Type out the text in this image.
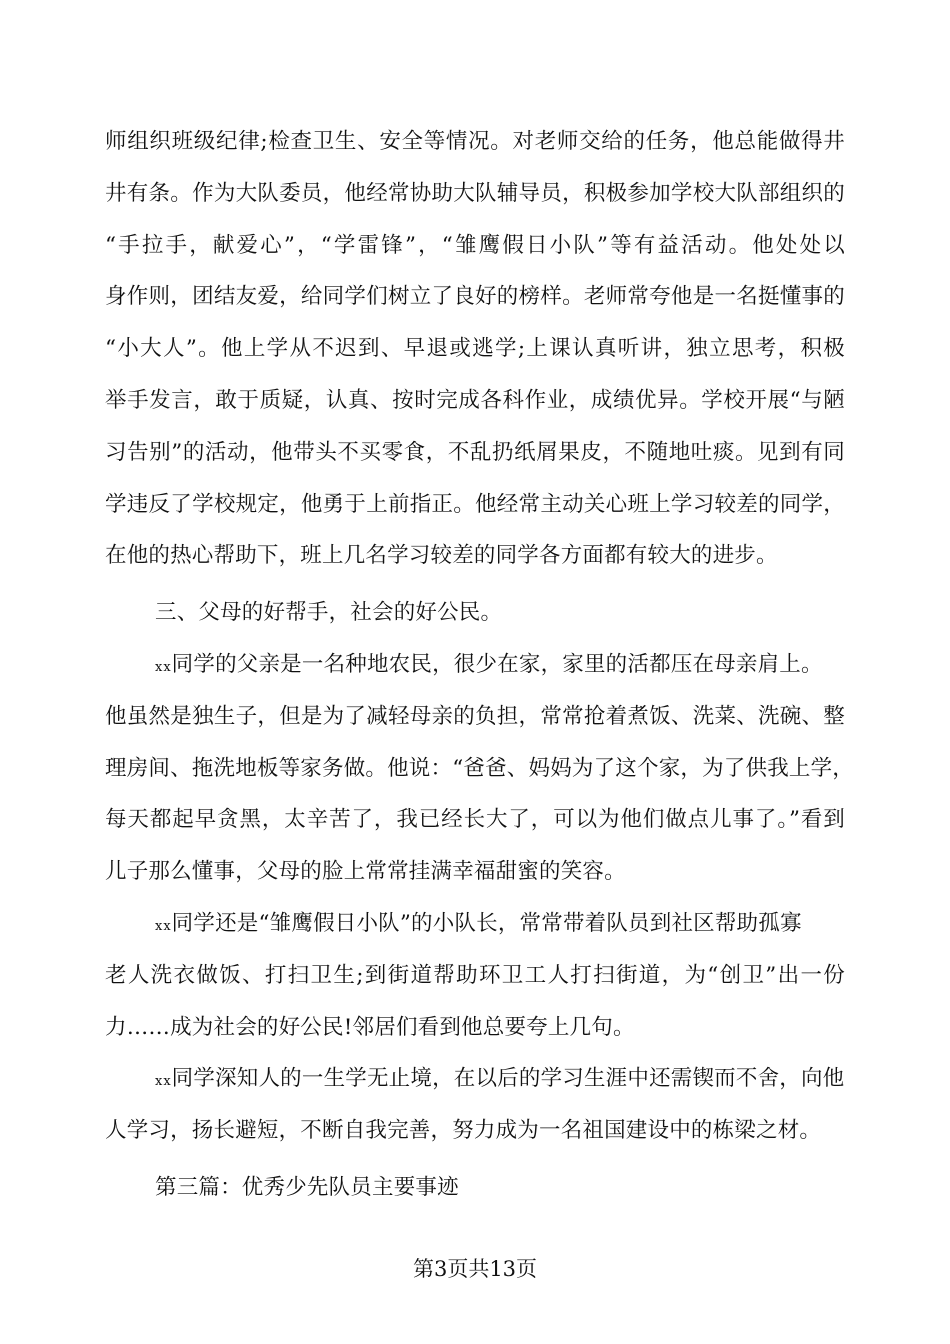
师组织班级纪律;检查卫生、安全等情况。对老师交给的任务，他总能做得井
井有条。作为大队委员，他经常协助大队辅导员，积极参加学校大队部组织的
“手拉手，献爱心”，“学雷锋”，“雏鹰假日小队”等有益活动。他处处以
身作则，团结友爱，给同学们树立了良好的榜样。老师常夸他是一名挺懂事的
“小大人”。他上学从不迟到、早退或逃学;上课认真听讲，独立思考，积极
举手发言，敢于质疑，认真、按时完成各科作业，成绩优异。学校开展“与陋
习告别”的活动，他带头不买零食，不乱扔纸屑果皮，不随地吐痰。见到有同
学违反了学校规定，他勇于上前指正。他经常主动关心班上学习较差的同学，
在他的热心帮助下，班上几名学习较差的同学各方面都有较大的进步。
三、父母的好帮手，社会的好公民。
xx同学的父亲是一名种地农民，很少在家，家里的活都压在母亲肩上。
他虽然是独生子，但是为了减轻母亲的负担，常常抢着煮饭、洗菜、洗碗、整
理房间、拖洗地板等家务做。他说：“爸爸、妈妈为了这个家，为了供我上学，
每天都起早贪黑，太辛苦了，我已经长大了，可以为他们做点儿事了。”看到
儿子那么懂事，父母的脸上常常挂满幸福甜蜜的笑容。
xx同学还是“雏鹰假日小队”的小队长，常常带着队员到社区帮助孤寡
老人洗衣做饭、打扫卫生;到街道帮助环卫工人打扫街道，为“创卫”出一份
力……成为社会的好公民!邻居们看到他总要夸上几句。
xx同学深知人的一生学无止境，在以后的学习生涯中还需锲而不舍，向他
人学习，扬长避短，不断自我完善，努力成为一名祖国建设中的栋梁之材。
第三篇：优秀少先队员主要事迹
第3页共13页
